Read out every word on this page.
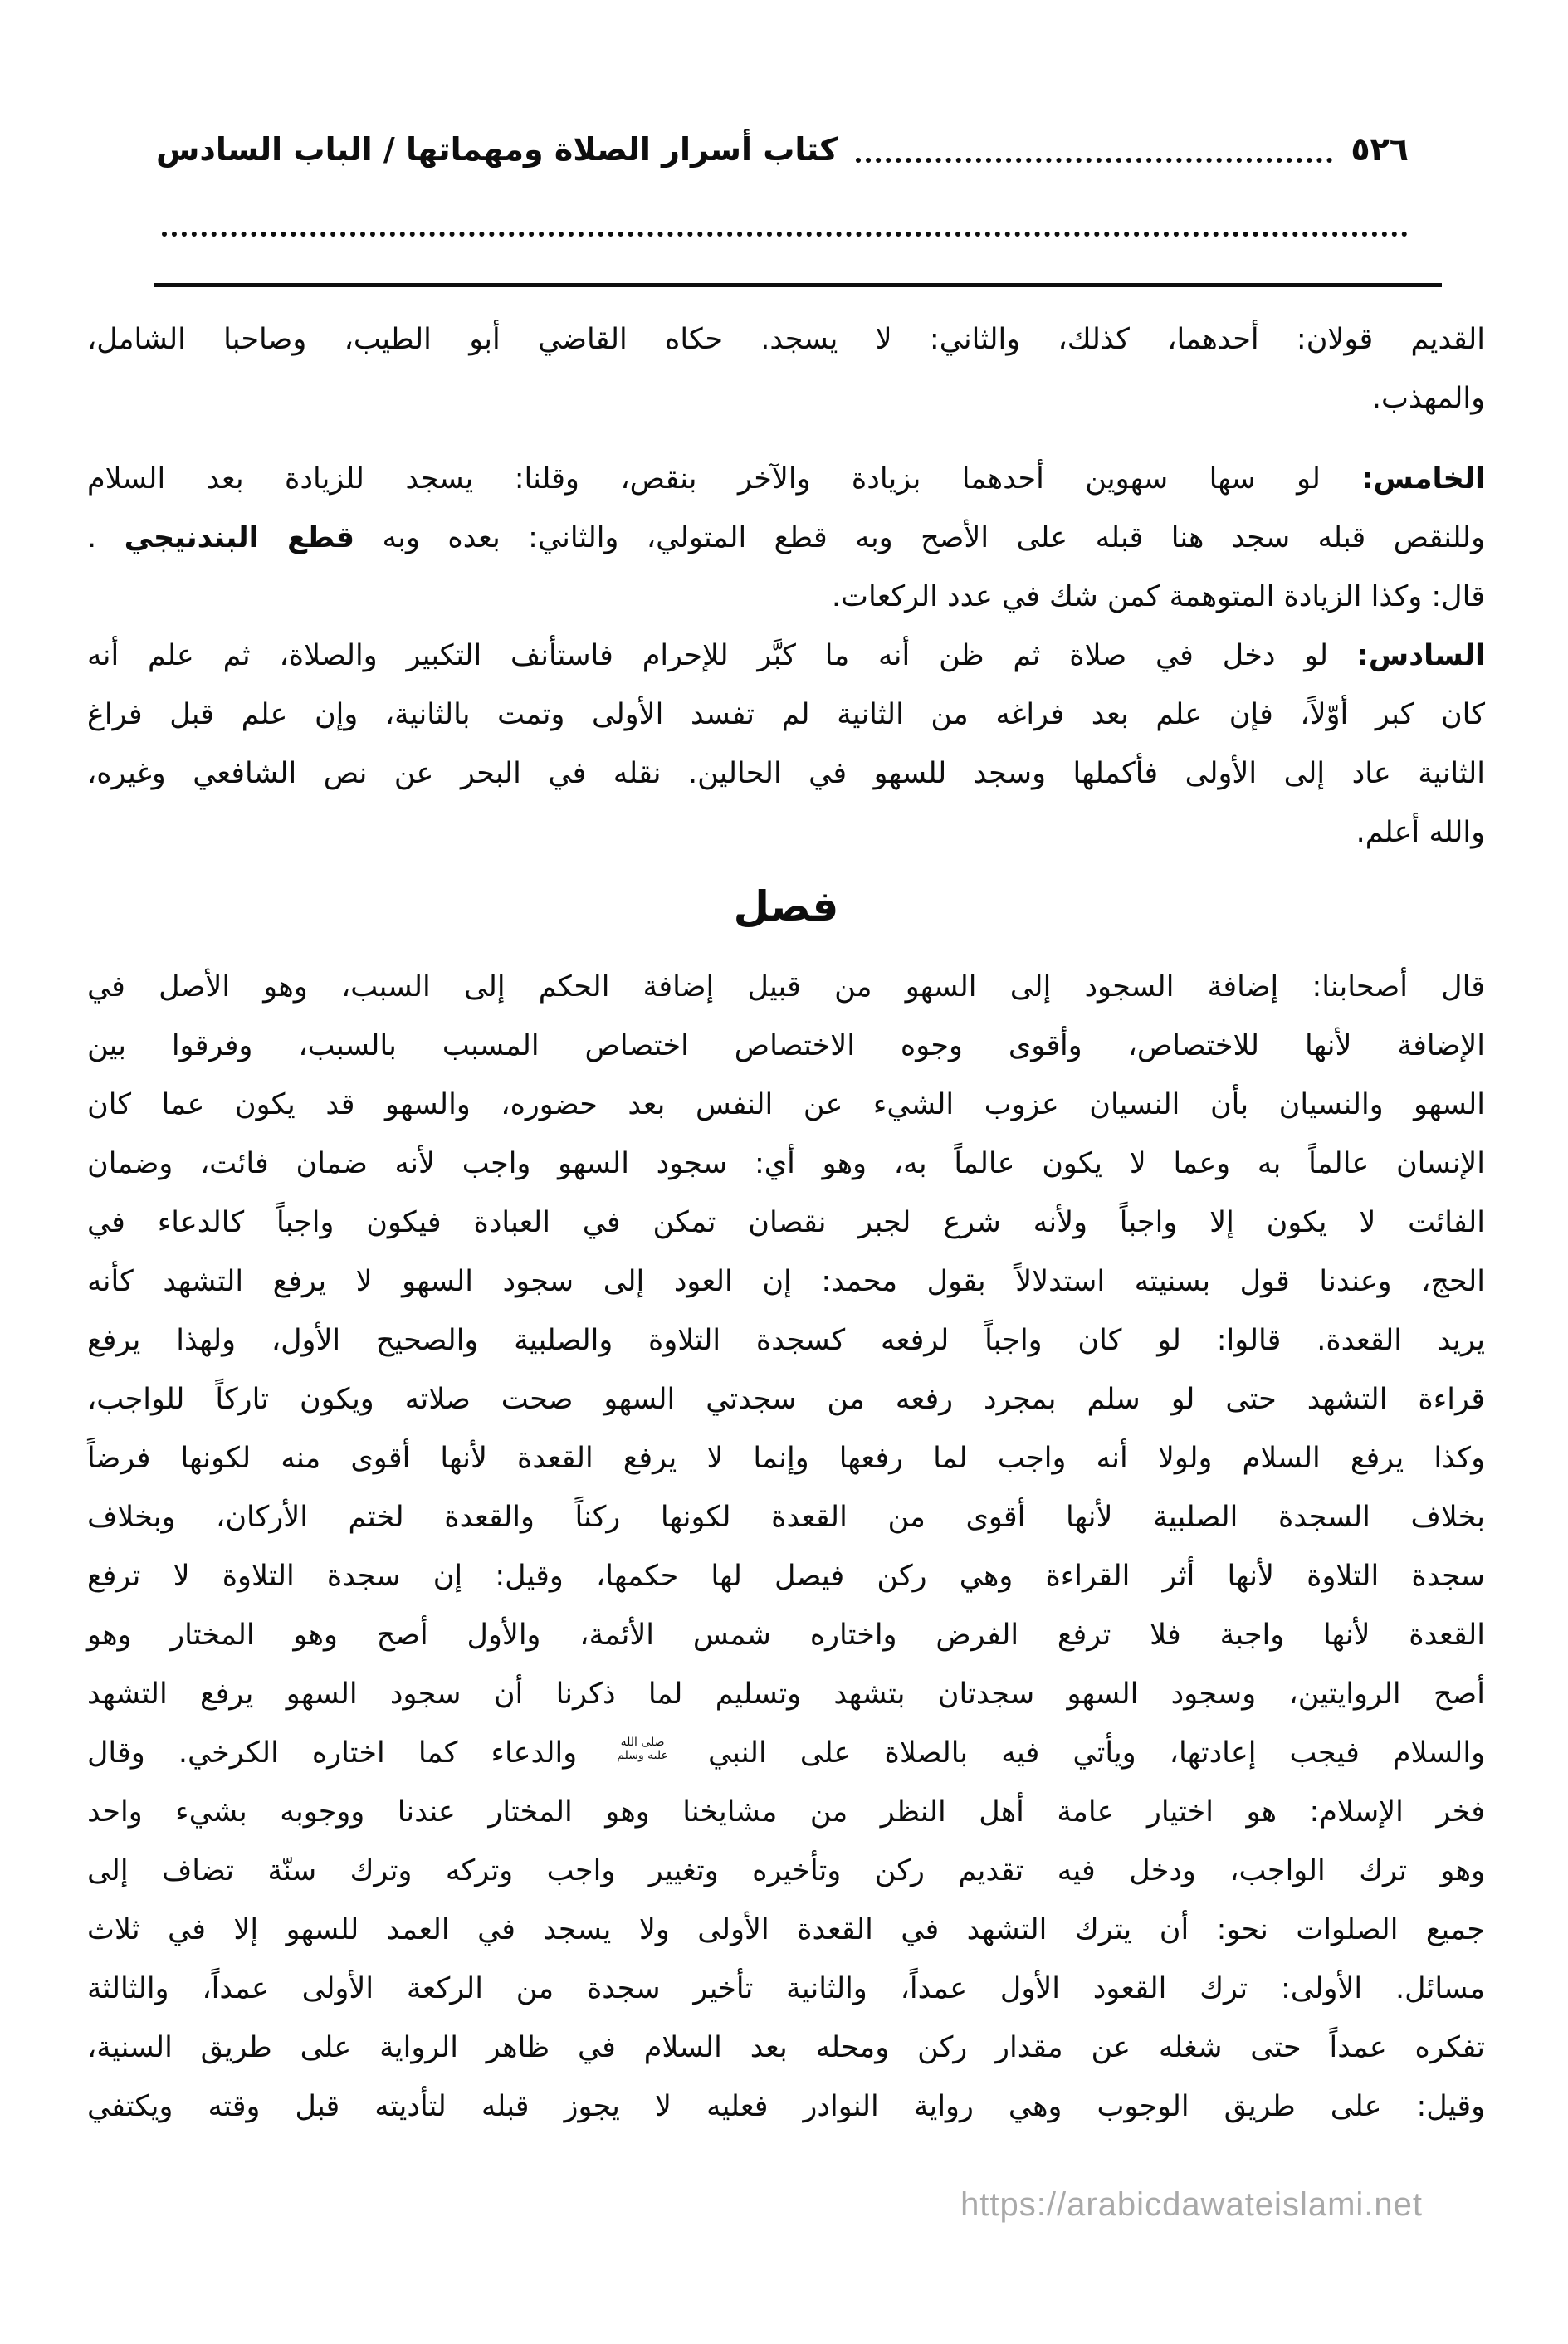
٥٢٦
كتاب أسرار الصلاة ومهماتها / الباب السادس
القديم قولان: أحدهما، كذلك، والثاني: لا يسجد. حكاه القاضي أبو الطيب، وصاحبا الشامل،
والمهذب.
الخامس: لو سها سهوين أحدهما بزيادة والآخر بنقص، وقلنا: يسجد للزيادة بعد السلام
وللنقص قبله سجد هنا قبله على الأصح وبه قطع المتولي، والثاني: بعده وبه قطع البندنيجي .
قال: وكذا الزيادة المتوهمة كمن شك في عدد الركعات.
السادس: لو دخل في صلاة ثم ظن أنه ما كبَّر للإحرام فاستأنف التكبير والصلاة، ثم علم أنه
كان كبر أوّلاً، فإن علم بعد فراغه من الثانية لم تفسد الأولى وتمت بالثانية، وإن علم قبل فراغ
الثانية عاد إلى الأولى فأكملها وسجد للسهو في الحالين. نقله في البحر عن نص الشافعي وغيره،
والله أعلم.
فصل
قال أصحابنا: إضافة السجود إلى السهو من قبيل إضافة الحكم إلى السبب، وهو الأصل في
الإضافة لأنها للاختصاص، وأقوى وجوه الاختصاص اختصاص المسبب بالسبب، وفرقوا بين
السهو والنسيان بأن النسيان عزوب الشيء عن النفس بعد حضوره، والسهو قد يكون عما كان
الإنسان عالماً به وعما لا يكون عالماً به، وهو أي: سجود السهو واجب لأنه ضمان فائت، وضمان
الفائت لا يكون إلا واجباً ولأنه شرع لجبر نقصان تمكن في العبادة فيكون واجباً كالدعاء في
الحج، وعندنا قول بسنيته استدلالاً بقول محمد: إن العود إلى سجود السهو لا يرفع التشهد كأنه
يريد القعدة. قالوا: لو كان واجباً لرفعه كسجدة التلاوة والصلبية والصحيح الأول، ولهذا يرفع
قراءة التشهد حتى لو سلم بمجرد رفعه من سجدتي السهو صحت صلاته ويكون تاركاً للواجب،
وكذا يرفع السلام ولولا أنه واجب لما رفعها وإنما لا يرفع القعدة لأنها أقوى منه لكونها فرضاً
بخلاف السجدة الصلبية لأنها أقوى من القعدة لكونها ركناً والقعدة لختم الأركان، وبخلاف
سجدة التلاوة لأنها أثر القراءة وهي ركن فيصل لها حكمها، وقيل: إن سجدة التلاوة لا ترفع
القعدة لأنها واجبة فلا ترفع الفرض واختاره شمس الأئمة، والأول أصح وهو المختار وهو
أصح الروايتين، وسجود السهو سجدتان بتشهد وتسليم لما ذكرنا أن سجود السهو يرفع التشهد
والسلام فيجب إعادتها، ويأتي فيه بالصلاة على النبي
صلى الله
عليه وسلم
والدعاء كما اختاره الكرخي. وقال
فخر الإسلام: هو اختيار عامة أهل النظر من مشايخنا وهو المختار عندنا ووجوبه بشيء واحد
وهو ترك الواجب، ودخل فيه تقديم ركن وتأخيره وتغيير واجب وتركه وترك سنّة تضاف إلى
جميع الصلوات نحو: أن يترك التشهد في القعدة الأولى ولا يسجد في العمد للسهو إلا في ثلاث
مسائل. الأولى: ترك القعود الأول عمداً، والثانية تأخير سجدة من الركعة الأولى عمداً، والثالثة
تفكره عمداً حتى شغله عن مقدار ركن ومحله بعد السلام في ظاهر الرواية على طريق السنية،
وقيل: على طريق الوجوب وهي رواية النوادر فعليه لا يجوز قبله لتأديته قبل وقته ويكتفي
https://arabicdawateislami.net
